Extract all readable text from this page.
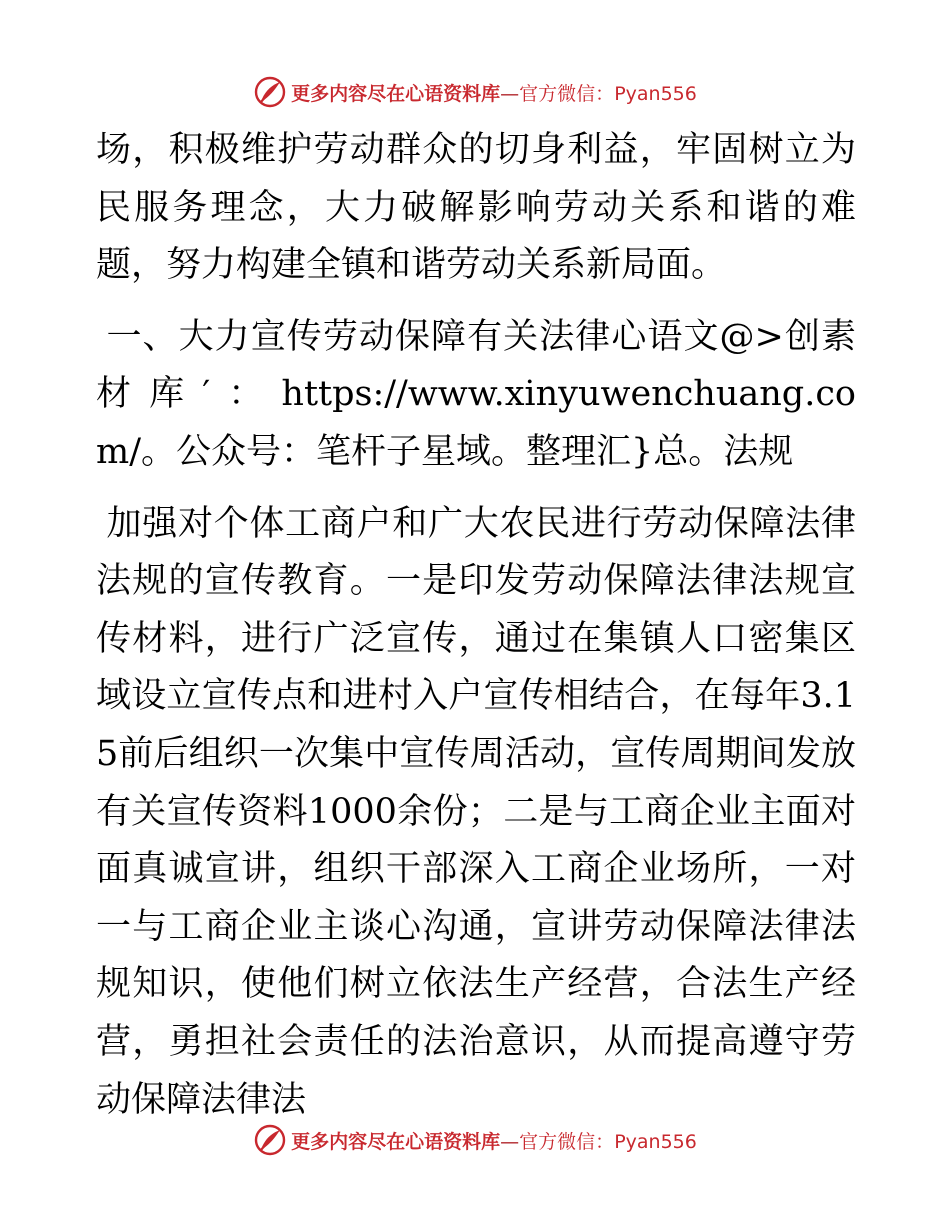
更多内容尽在心语资料库—官方微信：Pyan556

场，积极维护劳动群众的切身利益，牢固树立为民服务理念，大力破解影响劳动关系和谐的难题，努力构建全镇和谐劳动关系新局面。

一、大力宣传劳动保障有关法律心语文@>创素材库′：https://www.xinyuwenchuang.com/。公众号：笔杆子星域。整理汇}总。法规

加强对个体工商户和广大农民进行劳动保障法律法规的宣传教育。一是印发劳动保障法律法规宣传材料，进行广泛宣传，通过在集镇人口密集区域设立宣传点和进村入户宣传相结合，在每年3.15前后组织一次集中宣传周活动，宣传周期间发放有关宣传资料1000余份；二是与工商企业主面对面真诚宣讲，组织干部深入工商企业场所，一对一与工商企业主谈心沟通，宣讲劳动保障法律法规知识，使他们树立依法生产经营，合法生产经营，勇担社会责任的法治意识，从而提高遵守劳动保障法律法

更多内容尽在心语资料库—官方微信：Pyan556
